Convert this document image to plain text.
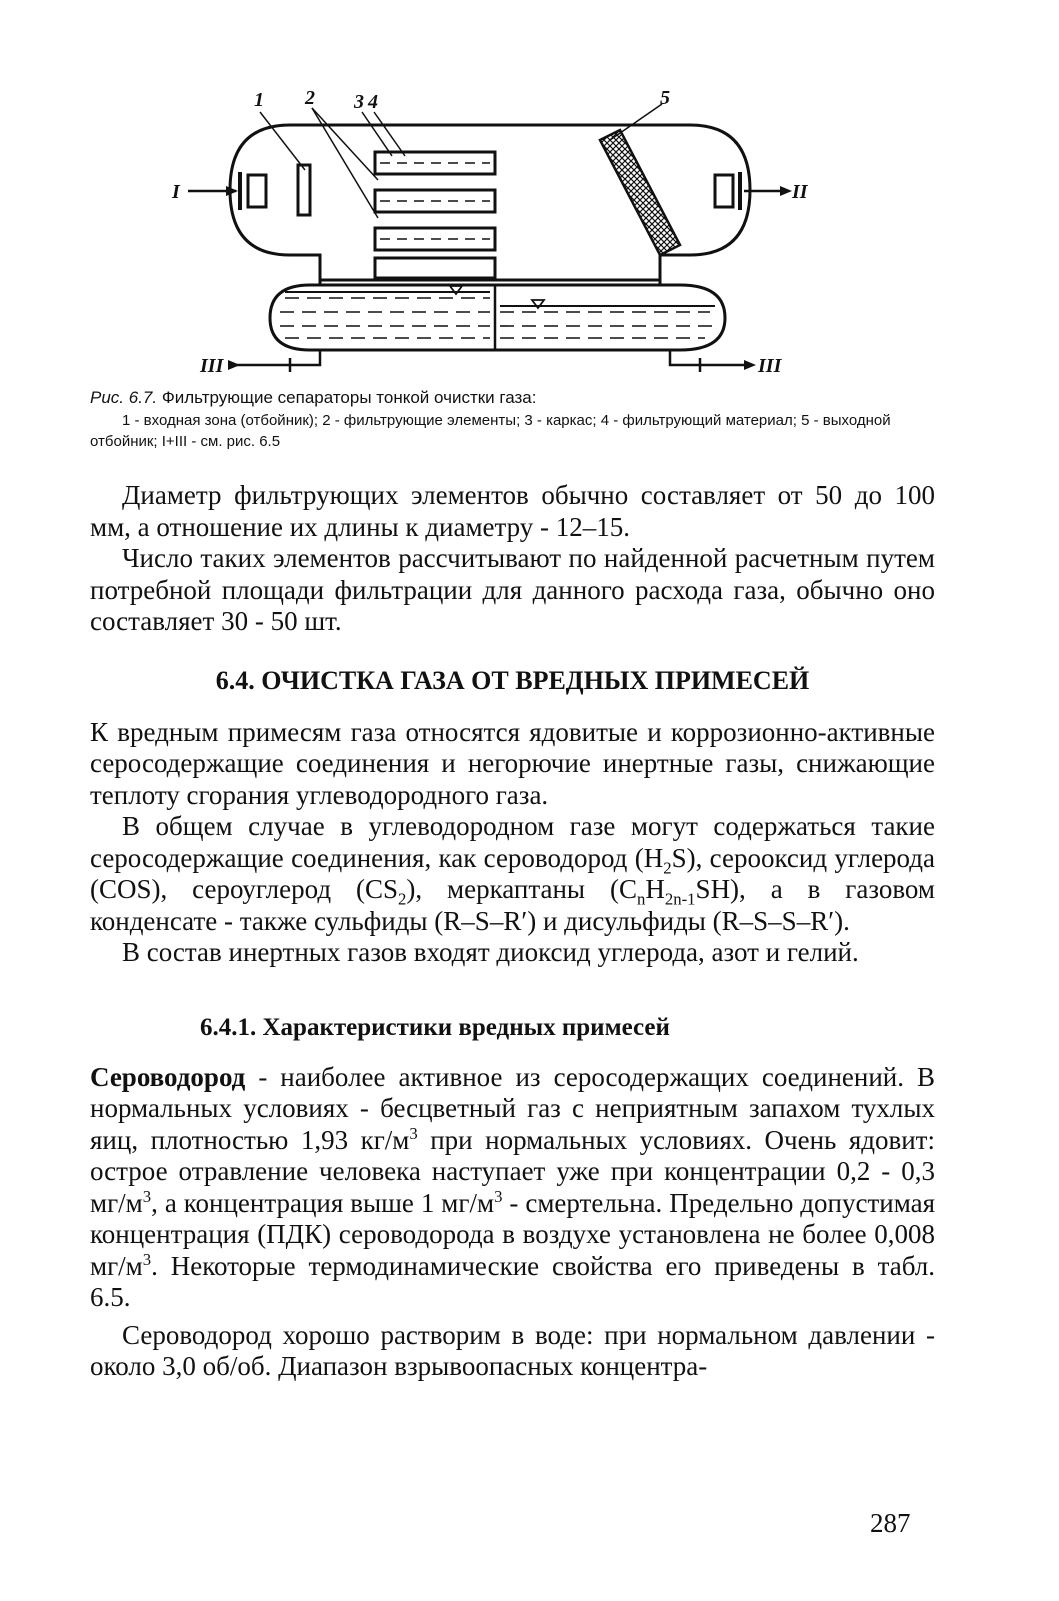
1 2 3 4	5
I	II
III	III

Рис. 6.7. Фильтрующие сепараторы тонкой очистки газа:

1 - входная зона (отбойник); 2 - фильтрующие элементы; 3 - каркас; 4 - фильтрующий материал; 5 - выходной отбойник; I+III - см. рис. 6.5

Диаметр фильтрующих элементов обычно составляет от 50 до 100 мм, а отношение их длины к диаметру - 12–15.

Число таких элементов рассчитывают по найденной расчетным путем потребной площади фильтрации для данного расхода газа, обычно оно составляет 30 - 50 шт.

6.4. ОЧИСТКА ГАЗА ОТ ВРЕДНЫХ ПРИМЕСЕЙ

К вредным примесям газа относятся ядовитые и коррозионно-активные серосодержащие соединения и негорючие инертные газы, снижающие теплоту сгорания углеводородного газа.

В общем случае в углеводородном газе могут содержаться такие серосодержащие соединения, как сероводород $(H_2S)$, серооксид углерода (COS), сероуглерод $(CS_2)$, меркаптаны $(C_nH_{2n-1}SH)$, а в газовом конденсате - также сульфиды (R–S–R′) и дисульфиды (R–S–S–R′).

В состав инертных газов входят диоксид углерода, азот и гелий.

6.4.1. Характеристики вредных примесей

Сероводород - наиболее активное из серосодержащих соединений. В нормальных условиях - бесцветный газ с неприятным запахом тухлых яиц, плотностью 1,93 $кг/м^3$ при нормальных условиях. Очень ядовит: острое отравление человека наступает уже при концентрации 0,2 - 0,3 $мг/м^3$, а концентрация выше 1 $мг/м^3$ - смертельна. Предельно допустимая концентрация (ПДК) сероводорода в воздухе установлена не более 0,008 $мг/м^3$. Некоторые термодинамические свойства его приведены в табл. 6.5.

Сероводород хорошо растворим в воде: при нормальном давлении - около 3,0 об/об. Диапазон взрывоопасных концентра-

287
